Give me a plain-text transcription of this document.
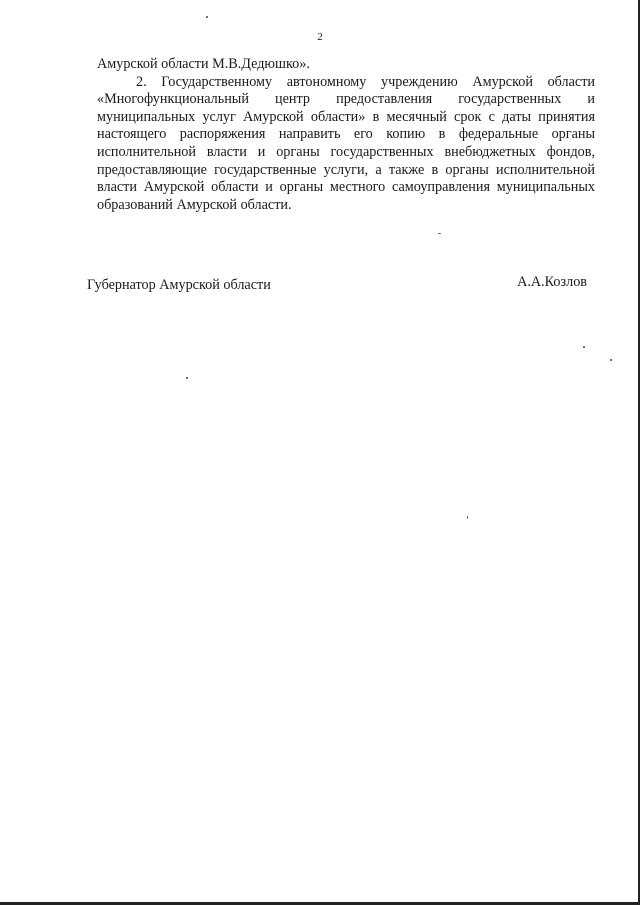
2

Амурской области М.В.Дедюшко».

2. Государственному автономному учреждению Амурской области «Многофункциональный центр предоставления государственных и муниципальных услуг Амурской области» в месячный срок с даты принятия настоящего распоряжения направить его копию в федеральные органы исполнительной власти и органы государственных внебюджетных фондов, предоставляющие государственные услуги, а также в органы исполнительной власти Амурской области и органы местного самоуправления муниципальных образований Амурской области.

Губернатор Амурской области	А.А.Козлов
